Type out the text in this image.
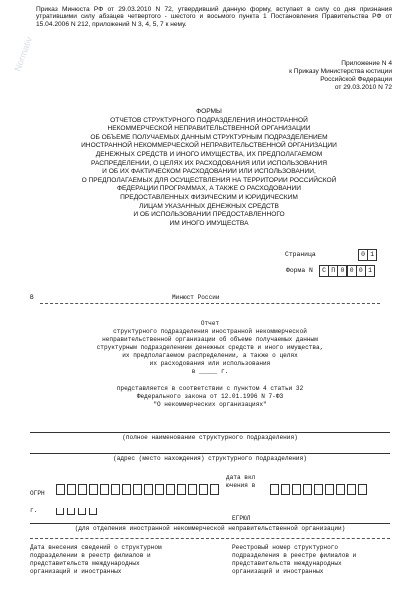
Normativ
Приказ Минюста РФ от 29.03.2010 N 72, утвердивший данную форму, вступает в силу со дня признания утратившими силу абзацев четвертого - шестого и восьмого пункта 1 Постановления Правительства РФ от 15.04.2006 N 212, приложений N 3, 4, 5, 7 к нему.
Приложение N 4
к Приказу Министерства юстиции
Российской Федерации
от 29.03.2010 N 72
ФОРМЫ
ОТЧЕТОВ СТРУКТУРНОГО ПОДРАЗДЕЛЕНИЯ ИНОСТРАННОЙ
НЕКОММЕРЧЕСКОЙ НЕПРАВИТЕЛЬСТВЕННОЙ ОРГАНИЗАЦИИ
ОБ ОБЪЕМЕ ПОЛУЧАЕМЫХ ДАННЫМ СТРУКТУРНЫМ ПОДРАЗДЕЛЕНИЕМ
ИНОСТРАННОЙ НЕКОММЕРЧЕСКОЙ НЕПРАВИТЕЛЬСТВЕННОЙ ОРГАНИЗАЦИИ
ДЕНЕЖНЫХ СРЕДСТВ И ИНОГО ИМУЩЕСТВА, ИХ ПРЕДПОЛАГАЕМОМ
РАСПРЕДЕЛЕНИИ, О ЦЕЛЯХ ИХ РАСХОДОВАНИЯ ИЛИ ИСПОЛЬЗОВАНИЯ
И ОБ ИХ ФАКТИЧЕСКОМ РАСХОДОВАНИИ ИЛИ ИСПОЛЬЗОВАНИИ,
О ПРЕДПОЛАГАЕМЫХ ДЛЯ ОСУЩЕСТВЛЕНИЯ НА ТЕРРИТОРИИ РОССИЙСКОЙ
ФЕДЕРАЦИИ ПРОГРАММАХ, А ТАКЖЕ О РАСХОДОВАНИИ
ПРЕДОСТАВЛЕННЫХ ФИЗИЧЕСКИМ И ЮРИДИЧЕСКИМ
ЛИЦАМ УКАЗАННЫХ ДЕНЕЖНЫХ СРЕДСТВ
И ОБ ИСПОЛЬЗОВАНИИ ПРЕДОСТАВЛЕННОГО
ИМ ИНОГО ИМУЩЕСТВА
Страница	0 1
Форма N	С П 0 0 0 1
В	Минюст России
Отчет
структурного подразделения иностранной некоммерческой
неправительственной организации об объеме получаемых данным
структурным подразделением денежных средств и иного имущества,
их предполагаемом распределении, а также о целях
их расходования или использования
в _____ г.
представляется в соответствии с пунктом 4 статьи 32
Федерального закона от 12.01.1996 N 7-ФЗ
"О некоммерческих организациях"
(полное наименование структурного подразделения)
(адрес (место нахождения) структурного подразделения)
ОГРН
дата включения в
г.
ЕГРЮЛ
(для отделения иностранной некоммерческой неправительственной организации)
Дата внесения сведений о структурном
подразделении в реестр филиалов и
представительств международных
организаций и иностранных
Реестровый номер структурного
подразделения в реестре филиалов и
представительств международных
организаций и иностранных
